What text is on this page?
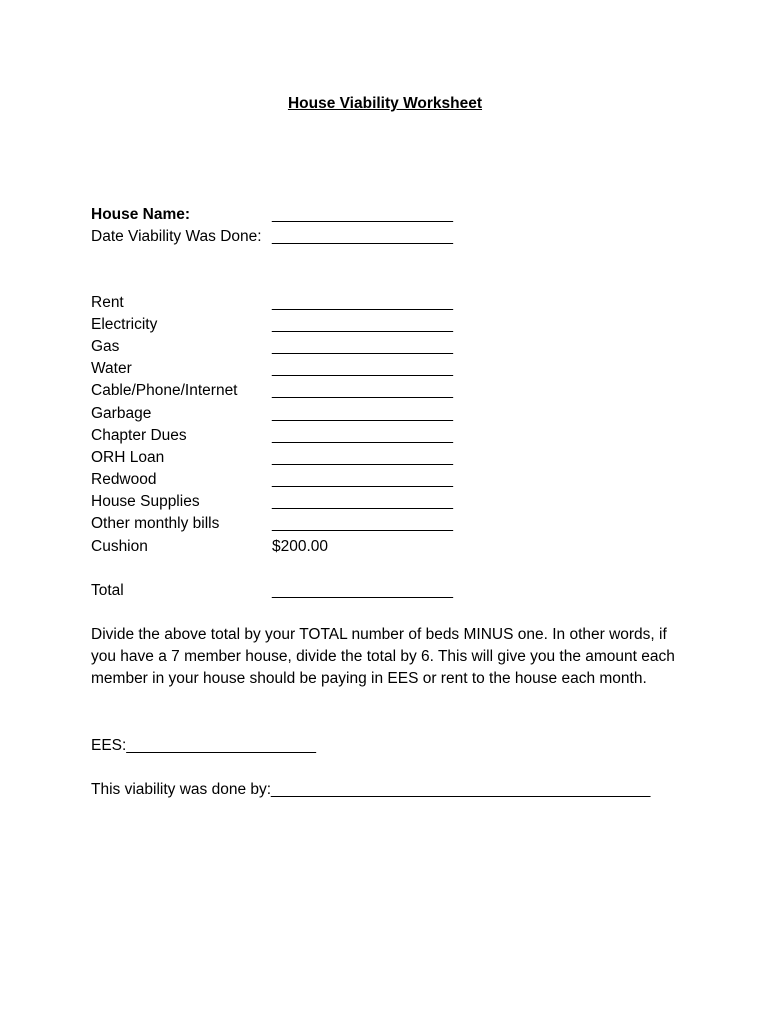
House Viability Worksheet
House Name:	_____________________
Date Viability Was Done: _____________________
Rent	_____________________
Electricity	_____________________
Gas	_____________________
Water	_____________________
Cable/Phone/Internet _____________________
Garbage	_____________________
Chapter Dues	_____________________
ORH Loan	_____________________
Redwood	_____________________
House Supplies	_____________________
Other monthly bills	_____________________
Cushion	$200.00
Total	_____________________
Divide the above total by your TOTAL number of beds MINUS one. In other words, if you have a 7 member house, divide the total by 6. This will give you the amount each member in your house should be paying in EES or rent to the house each month.
EES:______________________
This viability was done by:____________________________________________
